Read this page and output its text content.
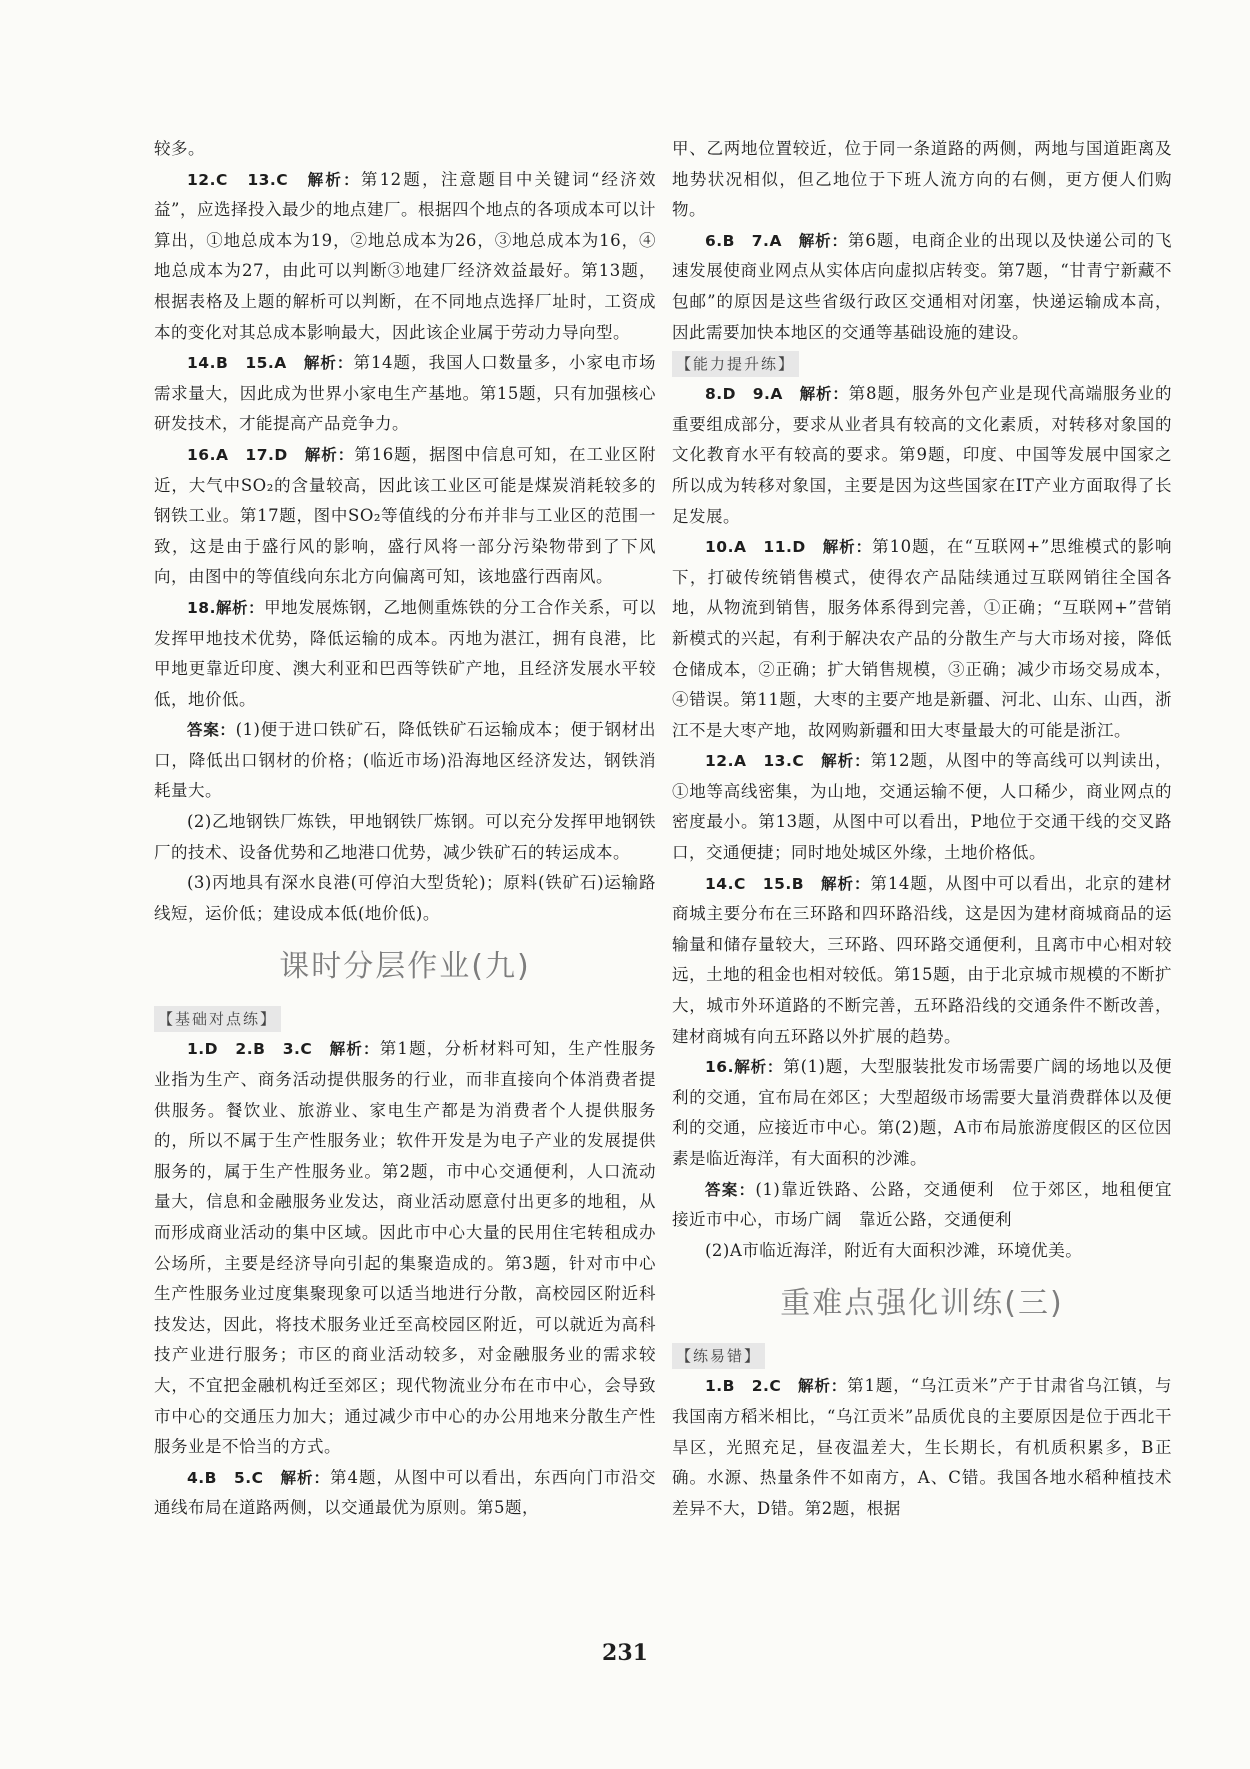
较多。

12.C　13.C　解析：第12题，注意题目中关键词“经济效益”，应选择投入最少的地点建厂。根据四个地点的各项成本可以计算出，①地总成本为19，②地总成本为26，③地总成本为16，④地总成本为27，由此可以判断③地建厂经济效益最好。第13题，根据表格及上题的解析可以判断，在不同地点选择厂址时，工资成本的变化对其总成本影响最大，因此该企业属于劳动力导向型。

14.B　15.A　解析：第14题，我国人口数量多，小家电市场需求量大，因此成为世界小家电生产基地。第15题，只有加强核心研发技术，才能提高产品竞争力。

16.A　17.D　解析：第16题，据图中信息可知，在工业区附近，大气中SO₂的含量较高，因此该工业区可能是煤炭消耗较多的钢铁工业。第17题，图中SO₂等值线的分布并非与工业区的范围一致，这是由于盛行风的影响，盛行风将一部分污染物带到了下风向，由图中的等值线向东北方向偏离可知，该地盛行西南风。

18.解析：甲地发展炼钢，乙地侧重炼铁的分工合作关系，可以发挥甲地技术优势，降低运输的成本。丙地为湛江，拥有良港，比甲地更靠近印度、澳大利亚和巴西等铁矿产地，且经济发展水平较低，地价低。

答案：(1)便于进口铁矿石，降低铁矿石运输成本；便于钢材出口，降低出口钢材的价格；(临近市场)沿海地区经济发达，钢铁消耗量大。

(2)乙地钢铁厂炼铁，甲地钢铁厂炼钢。可以充分发挥甲地钢铁厂的技术、设备优势和乙地港口优势，减少铁矿石的转运成本。

(3)丙地具有深水良港(可停泊大型货轮)；原料(铁矿石)运输路线短，运价低；建设成本低(地价低)。

课时分层作业(九)
【基础对点练】

1.D　2.B　3.C　解析：第1题，分析材料可知，生产性服务业指为生产、商务活动提供服务的行业，而非直接向个体消费者提供服务。餐饮业、旅游业、家电生产都是为消费者个人提供服务的，所以不属于生产性服务业；软件开发是为电子产业的发展提供服务的，属于生产性服务业。第2题，市中心交通便利，人口流动量大，信息和金融服务业发达，商业活动愿意付出更多的地租，从而形成商业活动的集中区域。因此市中心大量的民用住宅转租成办公场所，主要是经济导向引起的集聚造成的。第3题，针对市中心生产性服务业过度集聚现象可以适当地进行分散，高校园区附近科技发达，因此，将技术服务业迁至高校园区附近，可以就近为高科技产业进行服务；市区的商业活动较多，对金融服务业的需求较大，不宜把金融机构迁至郊区；现代物流业分布在市中心，会导致市中心的交通压力加大；通过减少市中心的办公用地来分散生产性服务业是不恰当的方式。

4.B　5.C　解析：第4题，从图中可以看出，东西向门市沿交通线布局在道路两侧，以交通最优为原则。第5题，

甲、乙两地位置较近，位于同一条道路的两侧，两地与国道距离及地势状况相似，但乙地位于下班人流方向的右侧，更方便人们购物。

6.B　7.A　解析：第6题，电商企业的出现以及快递公司的飞速发展使商业网点从实体店向虚拟店转变。第7题，“甘青宁新藏不包邮”的原因是这些省级行政区交通相对闭塞，快递运输成本高，因此需要加快本地区的交通等基础设施的建设。

【能力提升练】

8.D　9.A　解析：第8题，服务外包产业是现代高端服务业的重要组成部分，要求从业者具有较高的文化素质，对转移对象国的文化教育水平有较高的要求。第9题，印度、中国等发展中国家之所以成为转移对象国，主要是因为这些国家在IT产业方面取得了长足发展。

10.A　11.D　解析：第10题，在“互联网+”思维模式的影响下，打破传统销售模式，使得农产品陆续通过互联网销往全国各地，从物流到销售，服务体系得到完善，①正确；“互联网+”营销新模式的兴起，有利于解决农产品的分散生产与大市场对接，降低仓储成本，②正确；扩大销售规模，③正确；减少市场交易成本，④错误。第11题，大枣的主要产地是新疆、河北、山东、山西，浙江不是大枣产地，故网购新疆和田大枣量最大的可能是浙江。

12.A　13.C　解析：第12题，从图中的等高线可以判读出，①地等高线密集，为山地，交通运输不便，人口稀少，商业网点的密度最小。第13题，从图中可以看出，P地位于交通干线的交叉路口，交通便捷；同时地处城区外缘，土地价格低。

14.C　15.B　解析：第14题，从图中可以看出，北京的建材商城主要分布在三环路和四环路沿线，这是因为建材商城商品的运输量和储存量较大，三环路、四环路交通便利，且离市中心相对较远，土地的租金也相对较低。第15题，由于北京城市规模的不断扩大，城市外环道路的不断完善，五环路沿线的交通条件不断改善，建材商城有向五环路以外扩展的趋势。

16.解析：第(1)题，大型服装批发市场需要广阔的场地以及便利的交通，宜布局在郊区；大型超级市场需要大量消费群体以及便利的交通，应接近市中心。第(2)题，A市布局旅游度假区的区位因素是临近海洋，有大面积的沙滩。

答案：(1)靠近铁路、公路，交通便利　位于郊区，地租便宜　接近市中心，市场广阔　靠近公路，交通便利

(2)A市临近海洋，附近有大面积沙滩，环境优美。

重难点强化训练(三)
【练易错】

1.B　2.C　解析：第1题，“乌江贡米”产于甘肃省乌江镇，与我国南方稻米相比，“乌江贡米”品质优良的主要原因是位于西北干旱区，光照充足，昼夜温差大，生长期长，有机质积累多，B正确。水源、热量条件不如南方，A、C错。我国各地水稻种植技术差异不大，D错。第2题，根据

231
